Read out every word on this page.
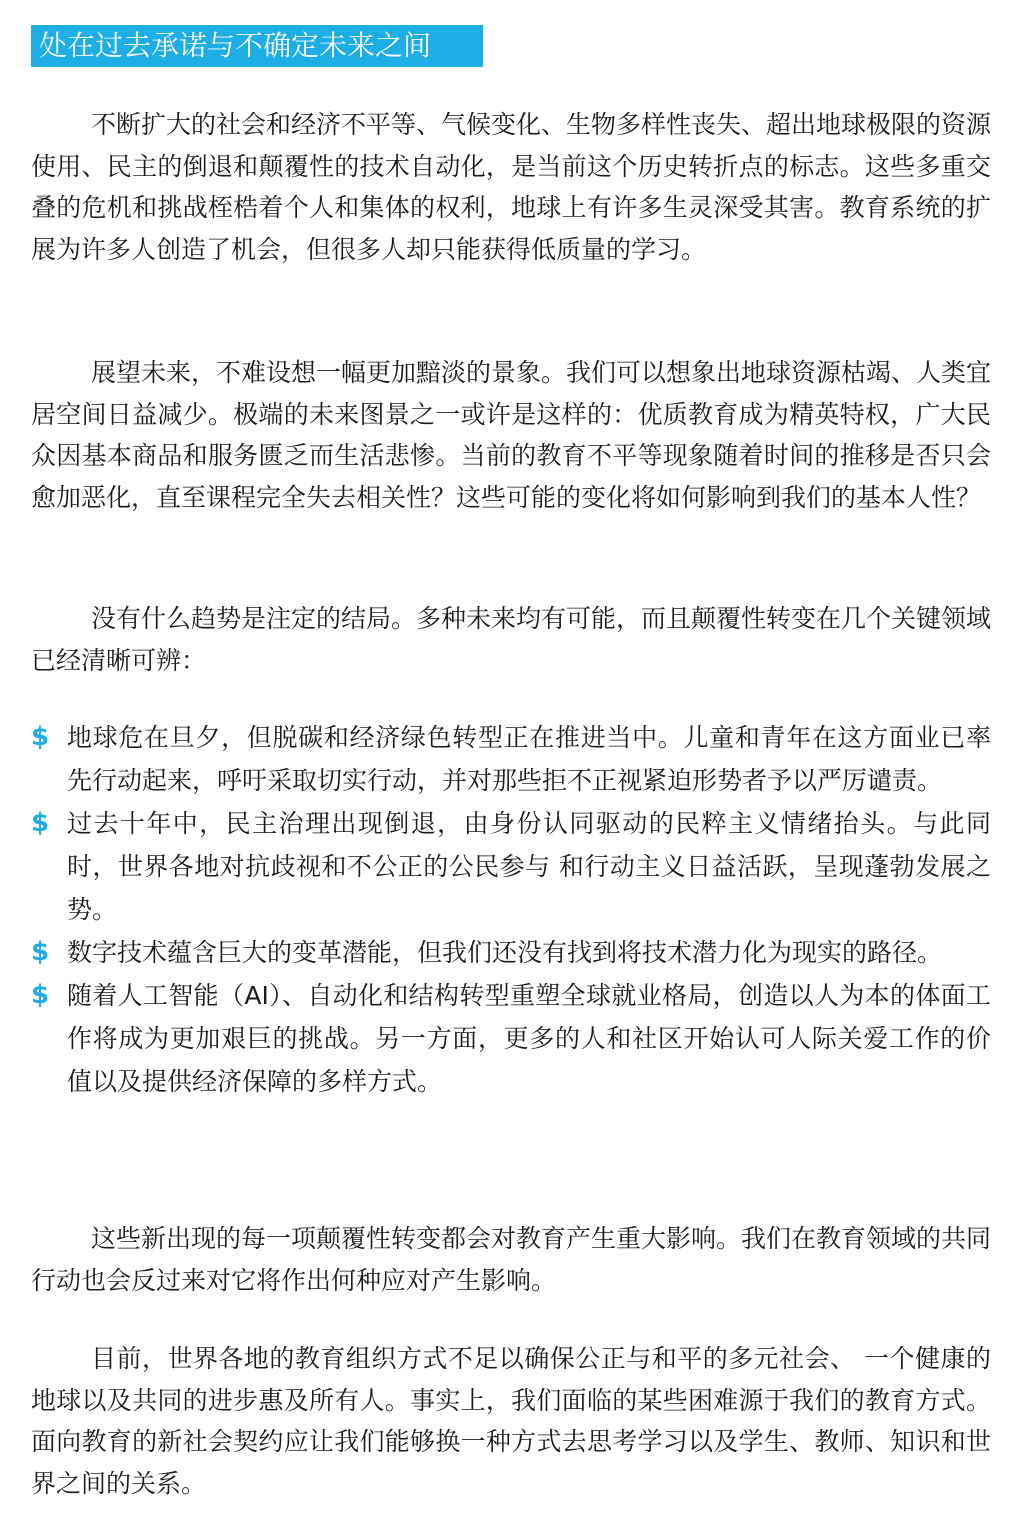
处在过去承诺与不确定未来之间

不断扩大的社会和经济不平等、气候变化、生物多样性丧失、超出地球极限的资源使用、民主的倒退和颠覆性的技术自动化，是当前这个历史转折点的标志。这些多重交叠的危机和挑战桎梏着个人和集体的权利，地球上有许多生灵深受其害。教育系统的扩展为许多人创造了机会，但很多人却只能获得低质量的学习。

展望未来，不难设想一幅更加黯淡的景象。我们可以想象出地球资源枯竭、人类宜居空间日益减少。极端的未来图景之一或许是这样的：优质教育成为精英特权，广大民众因基本商品和服务匮乏而生活悲惨。当前的教育不平等现象随着时间的推移是否只会愈加恶化，直至课程完全失去相关性？这些可能的变化将如何影响到我们的基本人性？

没有什么趋势是注定的结局。多种未来均有可能，而且颠覆性转变在几个关键领域已经清晰可辨：

$ 地球危在旦夕，但脱碳和经济绿色转型正在推进当中。儿童和青年在这方面业已率先行动起来，呼吁采取切实行动，并对那些拒不正视紧迫形势者予以严厉谴责。
$ 过去十年中，民主治理出现倒退，由身份认同驱动的民粹主义情绪抬头。与此同时，世界各地对抗歧视和不公正的公民参与 和行动主义日益活跃，呈现蓬勃发展之势。
$ 数字技术蕴含巨大的变革潜能，但我们还没有找到将技术潜力化为现实的路径。
$ 随着人工智能（AI）、自动化和结构转型重塑全球就业格局，创造以人为本的体面工作将成为更加艰巨的挑战。另一方面，更多的人和社区开始认可人际关爱工作的价值以及提供经济保障的多样方式。

这些新出现的每一项颠覆性转变都会对教育产生重大影响。我们在教育领域的共同行动也会反过来对它将作出何种应对产生影响。

目前，世界各地的教育组织方式不足以确保公正与和平的多元社会、 一个健康的地球以及共同的进步惠及所有人。事实上，我们面临的某些困难源于我们的教育方式。 面向教育的新社会契约应让我们能够换一种方式去思考学习以及学生、教师、知识和世界之间的关系。
